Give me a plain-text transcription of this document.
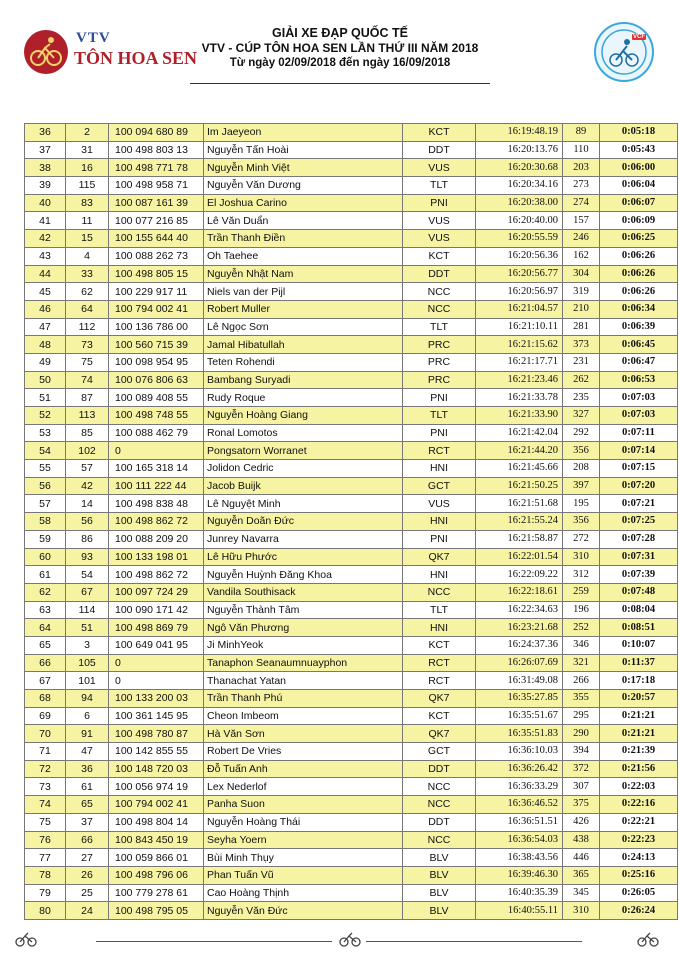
VTV
TÔN HOA SEN
GIẢI XE ĐẠP QUỐC TẾ
VTV - CÚP TÔN HOA SEN LẦN THỨ III NĂM 2018
Từ ngày 02/09/2018 đến ngày 16/09/2018
VCF
36	2	100 094 680 89	Im Jaeyeon	KCT	16:19:48.19	89	0:05:18
37	31	100 498 803 13	Nguyễn Tấn Hoài	DDT	16:20:13.76	110	0:05:43
38	16	100 498 771 78	Nguyễn Minh Việt	VUS	16:20:30.68	203	0:06:00
39	115	100 498 958 71	Nguyễn Văn Dương	TLT	16:20:34.16	273	0:06:04
40	83	100 087 161 39	El Joshua Carino	PNI	16:20:38.00	274	0:06:07
41	11	100 077 216 85	Lê Văn Duẩn	VUS	16:20:40.00	157	0:06:09
42	15	100 155 644 40	Trần Thanh Điền	VUS	16:20:55.59	246	0:06:25
43	4	100 088 262 73	Oh Taehee	KCT	16:20:56.36	162	0:06:26
44	33	100 498 805 15	Nguyễn Nhật Nam	DDT	16:20:56.77	304	0:06:26
45	62	100 229 917 11	Niels van der Pijl	NCC	16:20:56.97	319	0:06:26
46	64	100 794 002 41	Robert Muller	NCC	16:21:04.57	210	0:06:34
47	112	100 136 786 00	Lê Ngọc Sơn	TLT	16:21:10.11	281	0:06:39
48	73	100 560 715 39	Jamal Hibatullah	PRC	16:21:15.62	373	0:06:45
49	75	100 098 954 95	Teten Rohendi	PRC	16:21:17.71	231	0:06:47
50	74	100 076 806 63	Bambang Suryadi	PRC	16:21:23.46	262	0:06:53
51	87	100 089 408 55	Rudy Roque	PNI	16:21:33.78	235	0:07:03
52	113	100 498 748 55	Nguyễn Hoàng Giang	TLT	16:21:33.90	327	0:07:03
53	85	100 088 462 79	Ronal Lomotos	PNI	16:21:42.04	292	0:07:11
54	102	0	Pongsatorn Worranet	RCT	16:21:44.20	356	0:07:14
55	57	100 165 318 14	Jolidon Cedric	HNI	16:21:45.66	208	0:07:15
56	42	100 111 222 44	Jacob Buijk	GCT	16:21:50.25	397	0:07:20
57	14	100 498 838 48	Lê Nguyệt Minh	VUS	16:21:51.68	195	0:07:21
58	56	100 498 862 72	Nguyễn Doãn Đức	HNI	16:21:55.24	356	0:07:25
59	86	100 088 209 20	Junrey Navarra	PNI	16:21:58.87	272	0:07:28
60	93	100 133 198 01	Lê Hữu Phước	QK7	16:22:01.54	310	0:07:31
61	54	100 498 862 72	Nguyễn Huỳnh Đăng Khoa	HNI	16:22:09.22	312	0:07:39
62	67	100 097 724 29	Vandila Southisack	NCC	16:22:18.61	259	0:07:48
63	114	100 090 171 42	Nguyễn Thành Tâm	TLT	16:22:34.63	196	0:08:04
64	51	100 498 869 79	Ngô Văn Phương	HNI	16:23:21.68	252	0:08:51
65	3	100 649 041 95	Ji MinhYeok	KCT	16:24:37.36	346	0:10:07
66	105	0	Tanaphon Seanaumnuayphon	RCT	16:26:07.69	321	0:11:37
67	101	0	Thanachat Yatan	RCT	16:31:49.08	266	0:17:18
68	94	100 133 200 03	Trần Thanh Phú	QK7	16:35:27.85	355	0:20:57
69	6	100 361 145 95	Cheon Imbeom	KCT	16:35:51.67	295	0:21:21
70	91	100 498 780 87	Hà Văn Sơn	QK7	16:35:51.83	290	0:21:21
71	47	100 142 855 55	Robert De Vries	GCT	16:36:10.03	394	0:21:39
72	36	100 148 720 03	Đỗ Tuấn Anh	DDT	16:36:26.42	372	0:21:56
73	61	100 056 974 19	Lex Nederlof	NCC	16:36:33.29	307	0:22:03
74	65	100 794 002 41	Panha Suon	NCC	16:36:46.52	375	0:22:16
75	37	100 498 804 14	Nguyễn Hoàng Thái	DDT	16:36:51.51	426	0:22:21
76	66	100 843 450 19	Seyha Yoern	NCC	16:36:54.03	438	0:22:23
77	27	100 059 866 01	Bùi Minh Thụy	BLV	16:38:43.56	446	0:24:13
78	26	100 498 796 06	Phan Tuấn Vũ	BLV	16:39:46.30	365	0:25:16
79	25	100 779 278 61	Cao Hoàng Thịnh	BLV	16:40:35.39	345	0:26:05
80	24	100 498 795 05	Nguyễn Văn Đức	BLV	16:40:55.11	310	0:26:24
